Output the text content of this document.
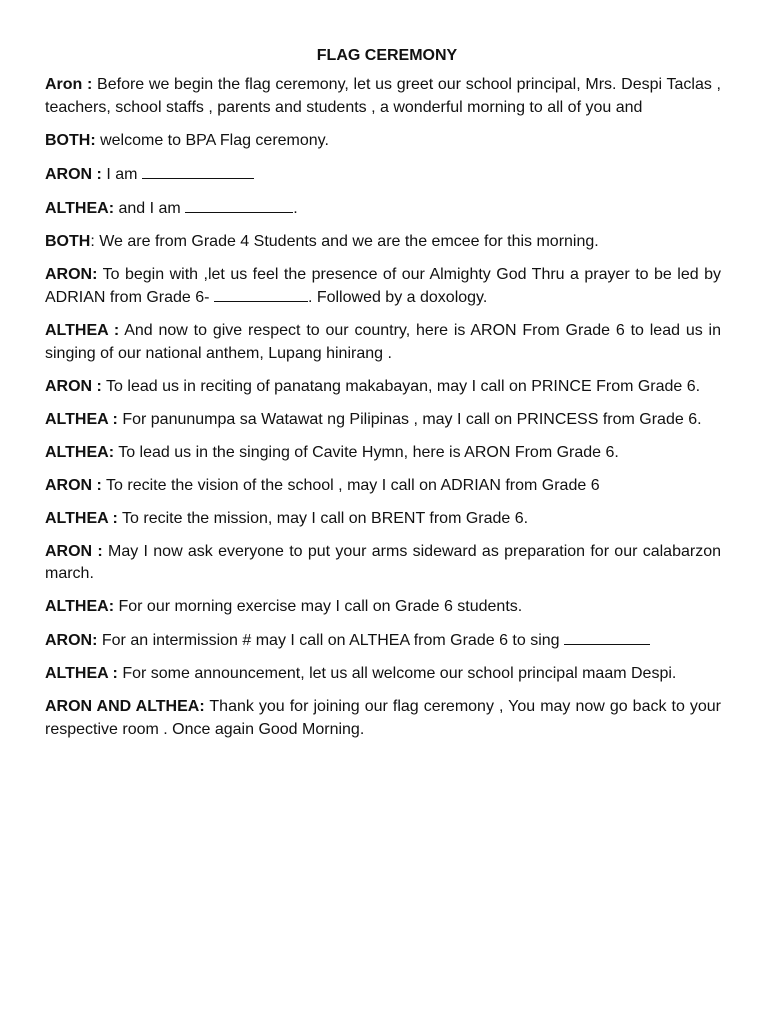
FLAG CEREMONY

Aron : Before we begin the flag ceremony, let us greet our school principal, Mrs. Despi Taclas , teachers, school staffs , parents and students , a wonderful morning to all of you and

BOTH: welcome to BPA Flag ceremony.

ARON : I am

ALTHEA: and I am	.

BOTH: We are from Grade 4 Students and we are the emcee for this morning.

ARON: To begin with ,let us feel the presence of our Almighty God Thru a prayer to be led by ADRIAN from Grade 6-	. Followed by a doxology.

ALTHEA : And now to give respect to our country, here is ARON From Grade 6 to lead us in singing of our national anthem, Lupang hinirang .

ARON : To lead us in reciting of panatang makabayan, may I call on PRINCE From Grade 6.

ALTHEA : For panunumpa sa Watawat ng Pilipinas , may I call on PRINCESS from Grade 6.

ALTHEA: To lead us in the singing of Cavite Hymn, here is ARON From Grade 6.

ARON : To recite the vision of the school , may I call on ADRIAN from Grade 6

ALTHEA : To recite the mission, may I call on BRENT from Grade 6.

ARON : May I now ask everyone to put your arms sideward as preparation for our calabarzon march.

ALTHEA: For our morning exercise may I call on Grade 6 students.

ARON: For an intermission # may I call on ALTHEA from Grade 6 to sing

ALTHEA : For some announcement, let us all welcome our school principal maam Despi.

ARON AND ALTHEA: Thank you for joining our flag ceremony , You may now go back to your respective room . Once again Good Morning.
